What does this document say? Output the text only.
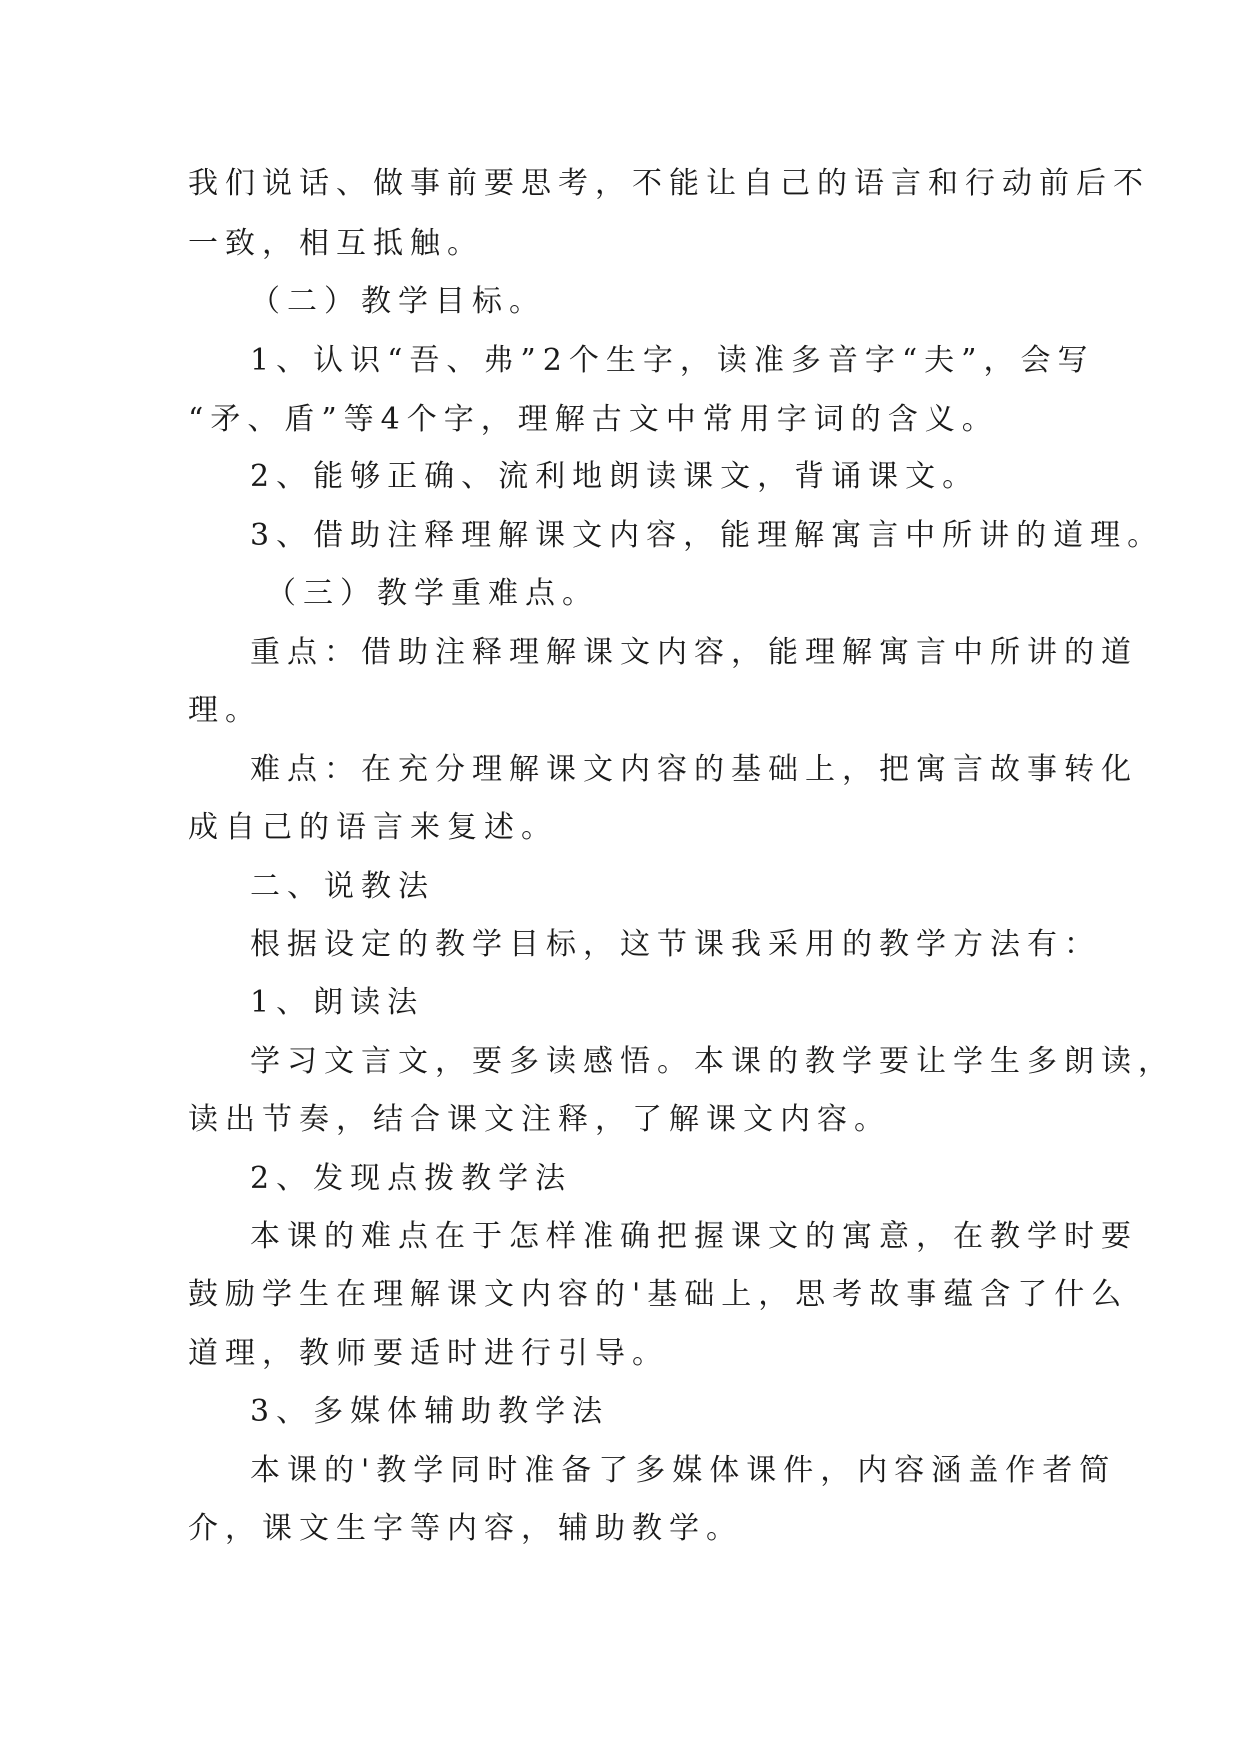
我们说话、做事前要思考，不能让自己的语言和行动前后不

一致，相互抵触。

（二）教学目标。

1、认识“吾、弗”2个生字，读准多音字“夫”，会写

“矛、盾”等4个字，理解古文中常用字词的含义。

2、能够正确、流利地朗读课文，背诵课文。

3、借助注释理解课文内容，能理解寓言中所讲的道理。

（三）教学重难点。

重点：借助注释理解课文内容，能理解寓言中所讲的道

理。

难点：在充分理解课文内容的基础上，把寓言故事转化

成自己的语言来复述。

二、说教法

根据设定的教学目标，这节课我采用的教学方法有：

1、朗读法

学习文言文，要多读感悟。本课的教学要让学生多朗读，

读出节奏，结合课文注释，了解课文内容。

2、发现点拨教学法

本课的难点在于怎样准确把握课文的寓意，在教学时要

鼓励学生在理解课文内容的'基础上，思考故事蕴含了什么

道理，教师要适时进行引导。

3、多媒体辅助教学法

本课的'教学同时准备了多媒体课件，内容涵盖作者简

介，课文生字等内容，辅助教学。
